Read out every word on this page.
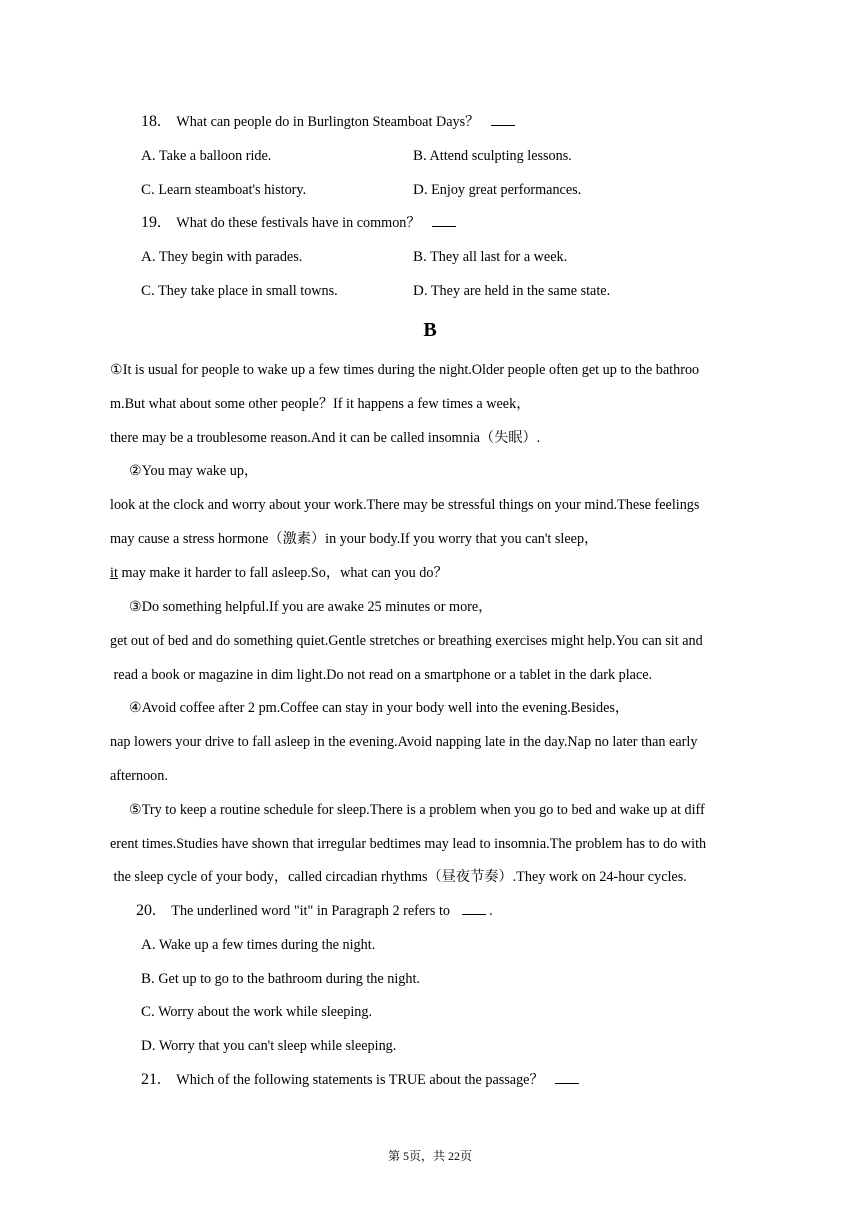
18. What can people do in Burlington Steamboat Days？
A. Take a balloon ride.	B. Attend sculpting lessons.
C. Learn steamboat's history.	D. Enjoy great performances.
19. What do these festivals have in common？
A. They begin with parades.	B. They all last for a week.
C. They take place in small towns.	D. They are held in the same state.
B
①It is usual for people to wake up a few times during the night.Older people often get up to the bathroo
m.But what about some other people？If it happens a few times a week，
there may be a troublesome reason.And it can be called insomnia（失眠）.
②You may wake up，
look at the clock and worry about your work.There may be stressful things on your mind.These feelings
may cause a stress hormone（激素）in your body.If you worry that you can't sleep，
it may make it harder to fall asleep.So，what can you do？
③Do something helpful.If you are awake 25 minutes or more，
get out of bed and do something quiet.Gentle stretches or breathing exercises might help.You can sit and
read a book or magazine in dim light.Do not read on a smartphone or a tablet in the dark place.
④Avoid coffee after 2 pm.Coffee can stay in your body well into the evening.Besides，
nap lowers your drive to fall asleep in the evening.Avoid napping late in the day.Nap no later than early
afternoon.
⑤Try to keep a routine schedule for sleep.There is a problem when you go to bed and wake up at diff
erent times.Studies have shown that irregular bedtimes may lead to insomnia.The problem has to do with
the sleep cycle of your body，called circadian rhythms（昼夜节奏）.They work on 24-hour cycles.
20. The underlined word "it" in Paragraph 2 refers to	.
A. Wake up a few times during the night.
B. Get up to go to the bathroom during the night.
C. Worry about the work while sleeping.
D. Worry that you can't sleep while sleeping.
21. Which of the following statements is TRUE about the passage？
第 5页，共 22页
